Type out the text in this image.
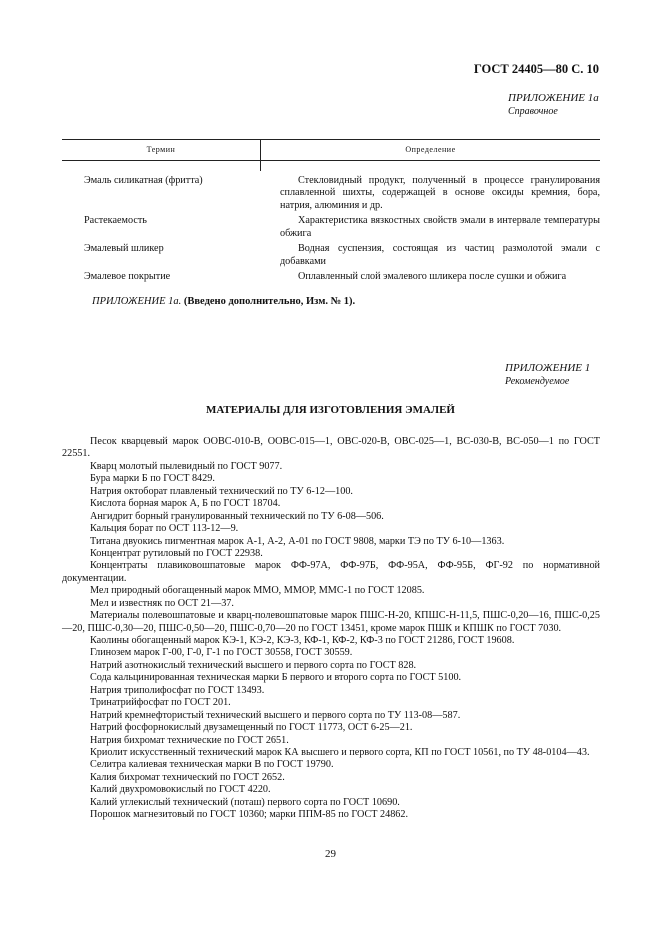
ГОСТ 24405—80 С. 10
ПРИЛОЖЕНИЕ 1а
Справочное
Термин	Определение
Эмаль силикатная (фритта)	Стекловидный продукт, полученный в процессе гранулирования сплавленной шихты, содержащей в основе оксиды кремния, бора, натрия, алюминия и др.
Растекаемость	Характеристика вязкостных свойств эмали в интервале температуры обжига
Эмалевый шликер	Водная суспензия, состоящая из частиц размолотой эмали с добавками
Эмалевое покрытие	Оплавленный слой эмалевого шликера после сушки и обжига
ПРИЛОЖЕНИЕ 1а. (Введено дополнительно, Изм. № 1).
ПРИЛОЖЕНИЕ 1
Рекомендуемое
МАТЕРИАЛЫ ДЛЯ ИЗГОТОВЛЕНИЯ ЭМАЛЕЙ

Песок кварцевый марок ООВС-010-В, ООВС-015—1, ОВС-020-В, ОВС-025—1, ВС-030-В, ВС-050—1 по ГОСТ 22551.

Кварц молотый пылевидный по ГОСТ 9077.

Бура марки Б по ГОСТ 8429.

Натрия октоборат плавленый технический по ТУ 6-12—100.

Кислота борная марок А, Б по ГОСТ 18704.

Ангидрит борный гранулированный технический по ТУ 6-08—506.

Кальция борат по ОСТ 113-12—9.

Титана двуокись пигментная марок А-1, А-2, А-01 по ГОСТ 9808, марки ТЭ по ТУ 6-10—1363.

Концентрат рутиловый по ГОСТ 22938.

Концентраты плавиковошпатовые марок ФФ-97А, ФФ-97Б, ФФ-95А, ФФ-95Б, ФГ-92 по нормативной документации.

Мел природный обогащенный марок ММО, ММОР, ММС-1 по ГОСТ 12085.

Мел и известняк по ОСТ 21—37.

Материалы полевошпатовые и кварц-полевошпатовые марок ПШС-Н-20, КПШС-Н-11,5, ПШС-0,20—16, ПШС-0,25—20, ПШС-0,30—20, ПШС-0,50—20, ПШС-0,70—20 по ГОСТ 13451, кроме марок ПШК и КПШК по ГОСТ 7030.

Каолины обогащенный марок КЭ-1, КЭ-2, КЭ-3, КФ-1, КФ-2, КФ-3 по ГОСТ 21286, ГОСТ 19608.

Глинозем марок Г-00, Г-0, Г-1 по ГОСТ 30558, ГОСТ 30559.

Натрий азотнокислый технический высшего и первого сорта по ГОСТ 828.

Сода кальцинированная техническая марки Б первого и второго сорта по ГОСТ 5100.

Натрия триполифосфат по ГОСТ 13493.

Тринатрийфосфат по ГОСТ 201.

Натрий кремнефтористый технический высшего и первого сорта по ТУ 113-08—587.

Натрий фосфорнокислый двузамещенный по ГОСТ 11773, ОСТ 6-25—21.

Натрия бихромат технические по ГОСТ 2651.

Криолит искусственный технический марок КА высшего и первого сорта, КП по ГОСТ 10561, по ТУ 48-0104—43.

Селитра калиевая техническая марки В по ГОСТ 19790.

Калия бихромат технический по ГОСТ 2652.

Калий двухромовокислый по ГОСТ 4220.

Калий углекислый технический (поташ) первого сорта по ГОСТ 10690.

Порошок магнезитовый по ГОСТ 10360; марки ППМ-85 по ГОСТ 24862.

29
